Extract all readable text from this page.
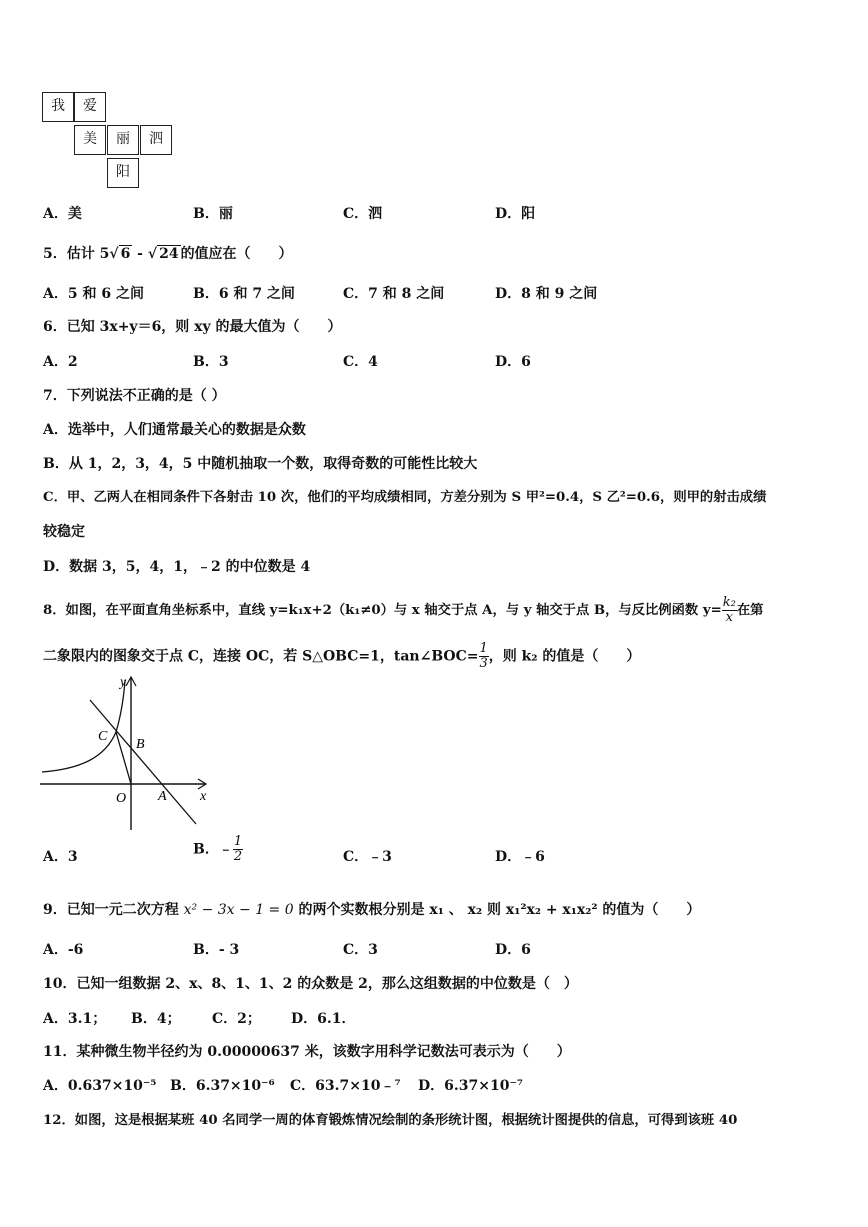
我	爱
美	丽	泗
阳
A．美	B．丽	C．泗	D．阳
5．估计 5√ 6 - √ 24 的值应在（　　）
A．5 和 6 之间	B．6 和 7 之间	C．7 和 8 之间	D．8 和 9 之间
6．已知 3x+y＝6，则 xy 的最大值为（　　）
A．2	B．3	C．4	D．6
7．下列说法不正确的是（ ）
A．选举中，人们通常最关心的数据是众数
B．从 1，2，3，4，5 中随机抽取一个数，取得奇数的可能性比较大
C．甲、乙两人在相同条件下各射击 10 次，他们的平均成绩相同，方差分别为 S 甲²=0.4，S 乙²=0.6，则甲的射击成绩
较稳定
D．数据 3，5，4，1，﹣2 的中位数是 4
8．如图，在平面直角坐标系中，直线 y=k₁x+2（k₁≠0）与 x 轴交于点 A，与 y 轴交于点 B，与反比例函数 $y= \frac{\text{k₂}}{x}$ 在第
二象限内的图象交于点 C，连接 OC，若 S△OBC=1，tan∠BOC= $\frac{1}{3}$ ，则 k₂ 的值是（　　）
y
x
O A
B
C
A．3	B．﹣ $\frac{1}{2}$	C．﹣3	D．﹣6
9．已知一元二次方程 x² − 3x − 1 = 0 的两个实数根分别是 x₁ 、 x₂ 则 x₁²x₂ + x₁x₂² 的值为（　　）
A．-6	B．- 3	C．3	D．6
10．已知一组数据 2、x、8、1、1、2 的众数是 2，那么这组数据的中位数是（　）
A．3.1； B．4； C．2； D．6.1．
11．某种微生物半径约为 0.00000637 米，该数字用科学记数法可表示为（　　）
A．0.637×10⁻⁵ B．6.37×10⁻⁶ C．63.7×10﹣⁷ D．6.37×10⁻⁷
12．如图，这是根据某班 40 名同学一周的体育锻炼情况绘制的条形统计图，根据统计图提供的信息，可得到该班 40
